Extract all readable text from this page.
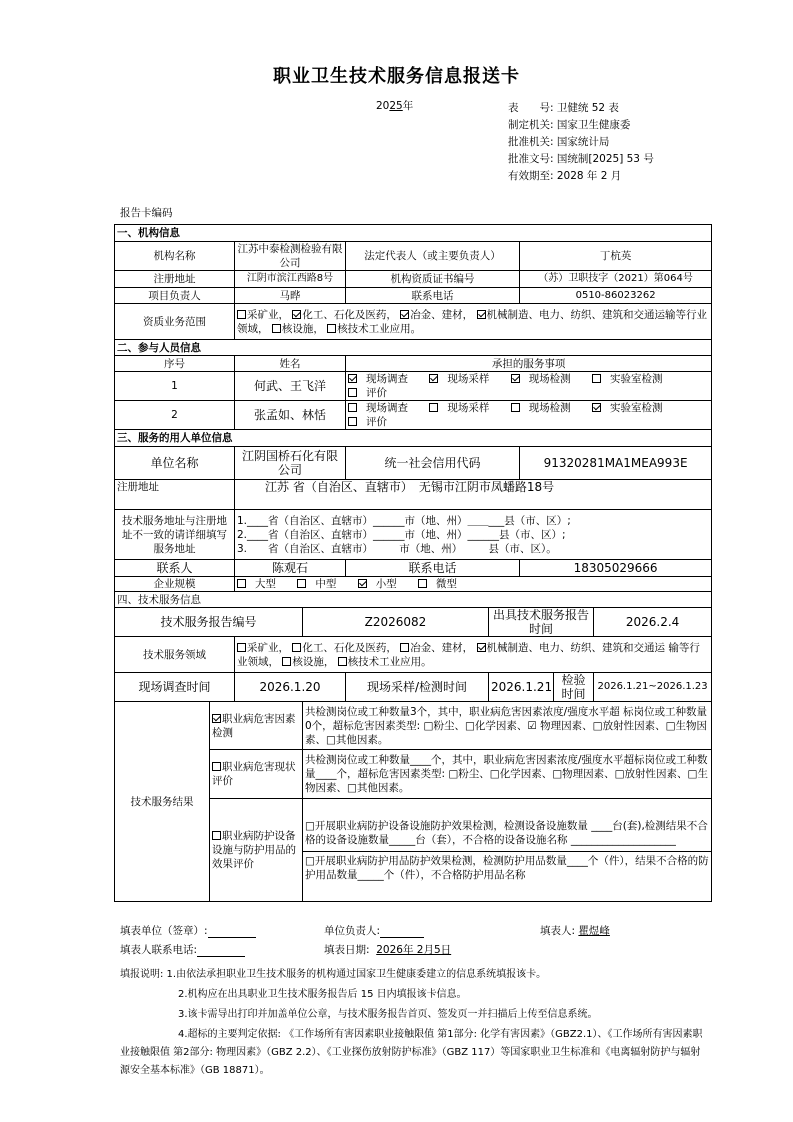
职业卫生技术服务信息报送卡
2025年	表　　号: 卫健统 52 表
制定机关: 国家卫生健康委
批准机关: 国家统计局
批准文号: 国统制[2025] 53 号
有效期至: 2028 年 2 月
报告卡编码
一、机构信息								
机构名称		江苏中泰检测检验有限公司		法定代表人（或主要负责人）		丁杭英		
注册地址		江阴市滨江西路8号		机构资质证书编号		（苏）卫职技字（2021）第064号		
项目负责人		马晔		联系电话		0510-86023262		
资质业务范围		采矿业， 化工、石化及医药， 冶金、建材， 机械制造、电力、纺织、建筑和交通运输等行业领域， 核设施， 核技术工业应用。						
二、参与人员信息								
序号		姓名		承担的服务事项				
1		何武、王飞洋		现场调查 现场采样 现场检测 实验室检测 评价				
2		张孟如、林恬		现场调查 现场采样 现场检测 实验室检测 评价				
三、服务的用人单位信息								
单位名称		江阴国桥石化有限公司		统一社会信用代码		91320281MA1MEA993E		
注册地址		江苏 省（自治区、直辖市）　无锡市江阴市凤蟠路18号						
技术服务地址与注册地址不一致的请详细填写服务地址		1.____省（自治区、直辖市）______市（地、州）＿＿___县（市、区）;
2.____省（自治区、直辖市）______市（地、州）______县（市、区）;
3.　　省（自治区、直辖市）　　　市（地、州）　　　县（市、区）。						

联系人		陈观石		联系电话		18305029666		
企业规模		大型 中型 小型 微型						
四、技术服务信息								
技术服务报告编号			Z2026082		出具技术服务报告时间			2026.2.4
技术服务领域		采矿业， 化工、石化及医药， 冶金、建材， 机械制造、电力、纺织、建筑和交通运 输等行业领域， 核设施， 核技术工业应用。						
现场调查时间		2026.1.20		现场采样/检测时间	2026.1.21		检验时间	2026.1.21~2026.1.23
技术服务结果	职业病危害因素检测		共检测岗位或工种数量3个，其中，职业病危害因素浓度/强度水平超 标岗位或工种数量0个，超标危害因素类型: □粉尘、□化学因素、☑ 物理因素、□放射性因素、□生物因素、□其他因素。					
	职业病危害现状评价		共检测岗位或工种数量____个，其中，职业病危害因素浓度/强度水平超标岗位或工种数量____个，超标危害因素类型: □粉尘、□化学因素、□物理因素、□放射性因素、□生物因素、□其他因素。					
	职业病防护设备设施与防护用品的效果评价		□开展职业病防护设备设施防护效果检测，检测设备设施数量 ____台(套),检测结果不合格的设备设施数量_____台（套），不合格的设备设施名称 ____________________
□开展职业病防护用品防护效果检测，检测防护用品数量____个（件），结果不合格的防护用品数量_____个（件），不合格防护用品名称					
填表单位（签章）:	单位负责人:	填表人: 瞿煜峰
填表人联系电话:	填表日期: 2026年 2月5日
填报说明: 1.由依法承担职业卫生技术服务的机构通过国家卫生健康委建立的信息系统填报该卡。
2.机构应在出具职业卫生技术服务报告后 15 日内填报该卡信息。
3.该卡需导出打印并加盖单位公章，与技术服务报告首页、签发页一并扫描后上传至信息系统。
4.超标的主要判定依据: 《工作场所有害因素职业接触限值 第1部分: 化学有害因素》（GBZ2.1）、《工作场所有害因素职业接触限值 第2部分: 物理因素》（GBZ 2.2）、《工业探伤放射防护标准》（GBZ 117）等国家职业卫生标准和《电离辐射防护与辐射源安全基本标准》（GB 18871）。
